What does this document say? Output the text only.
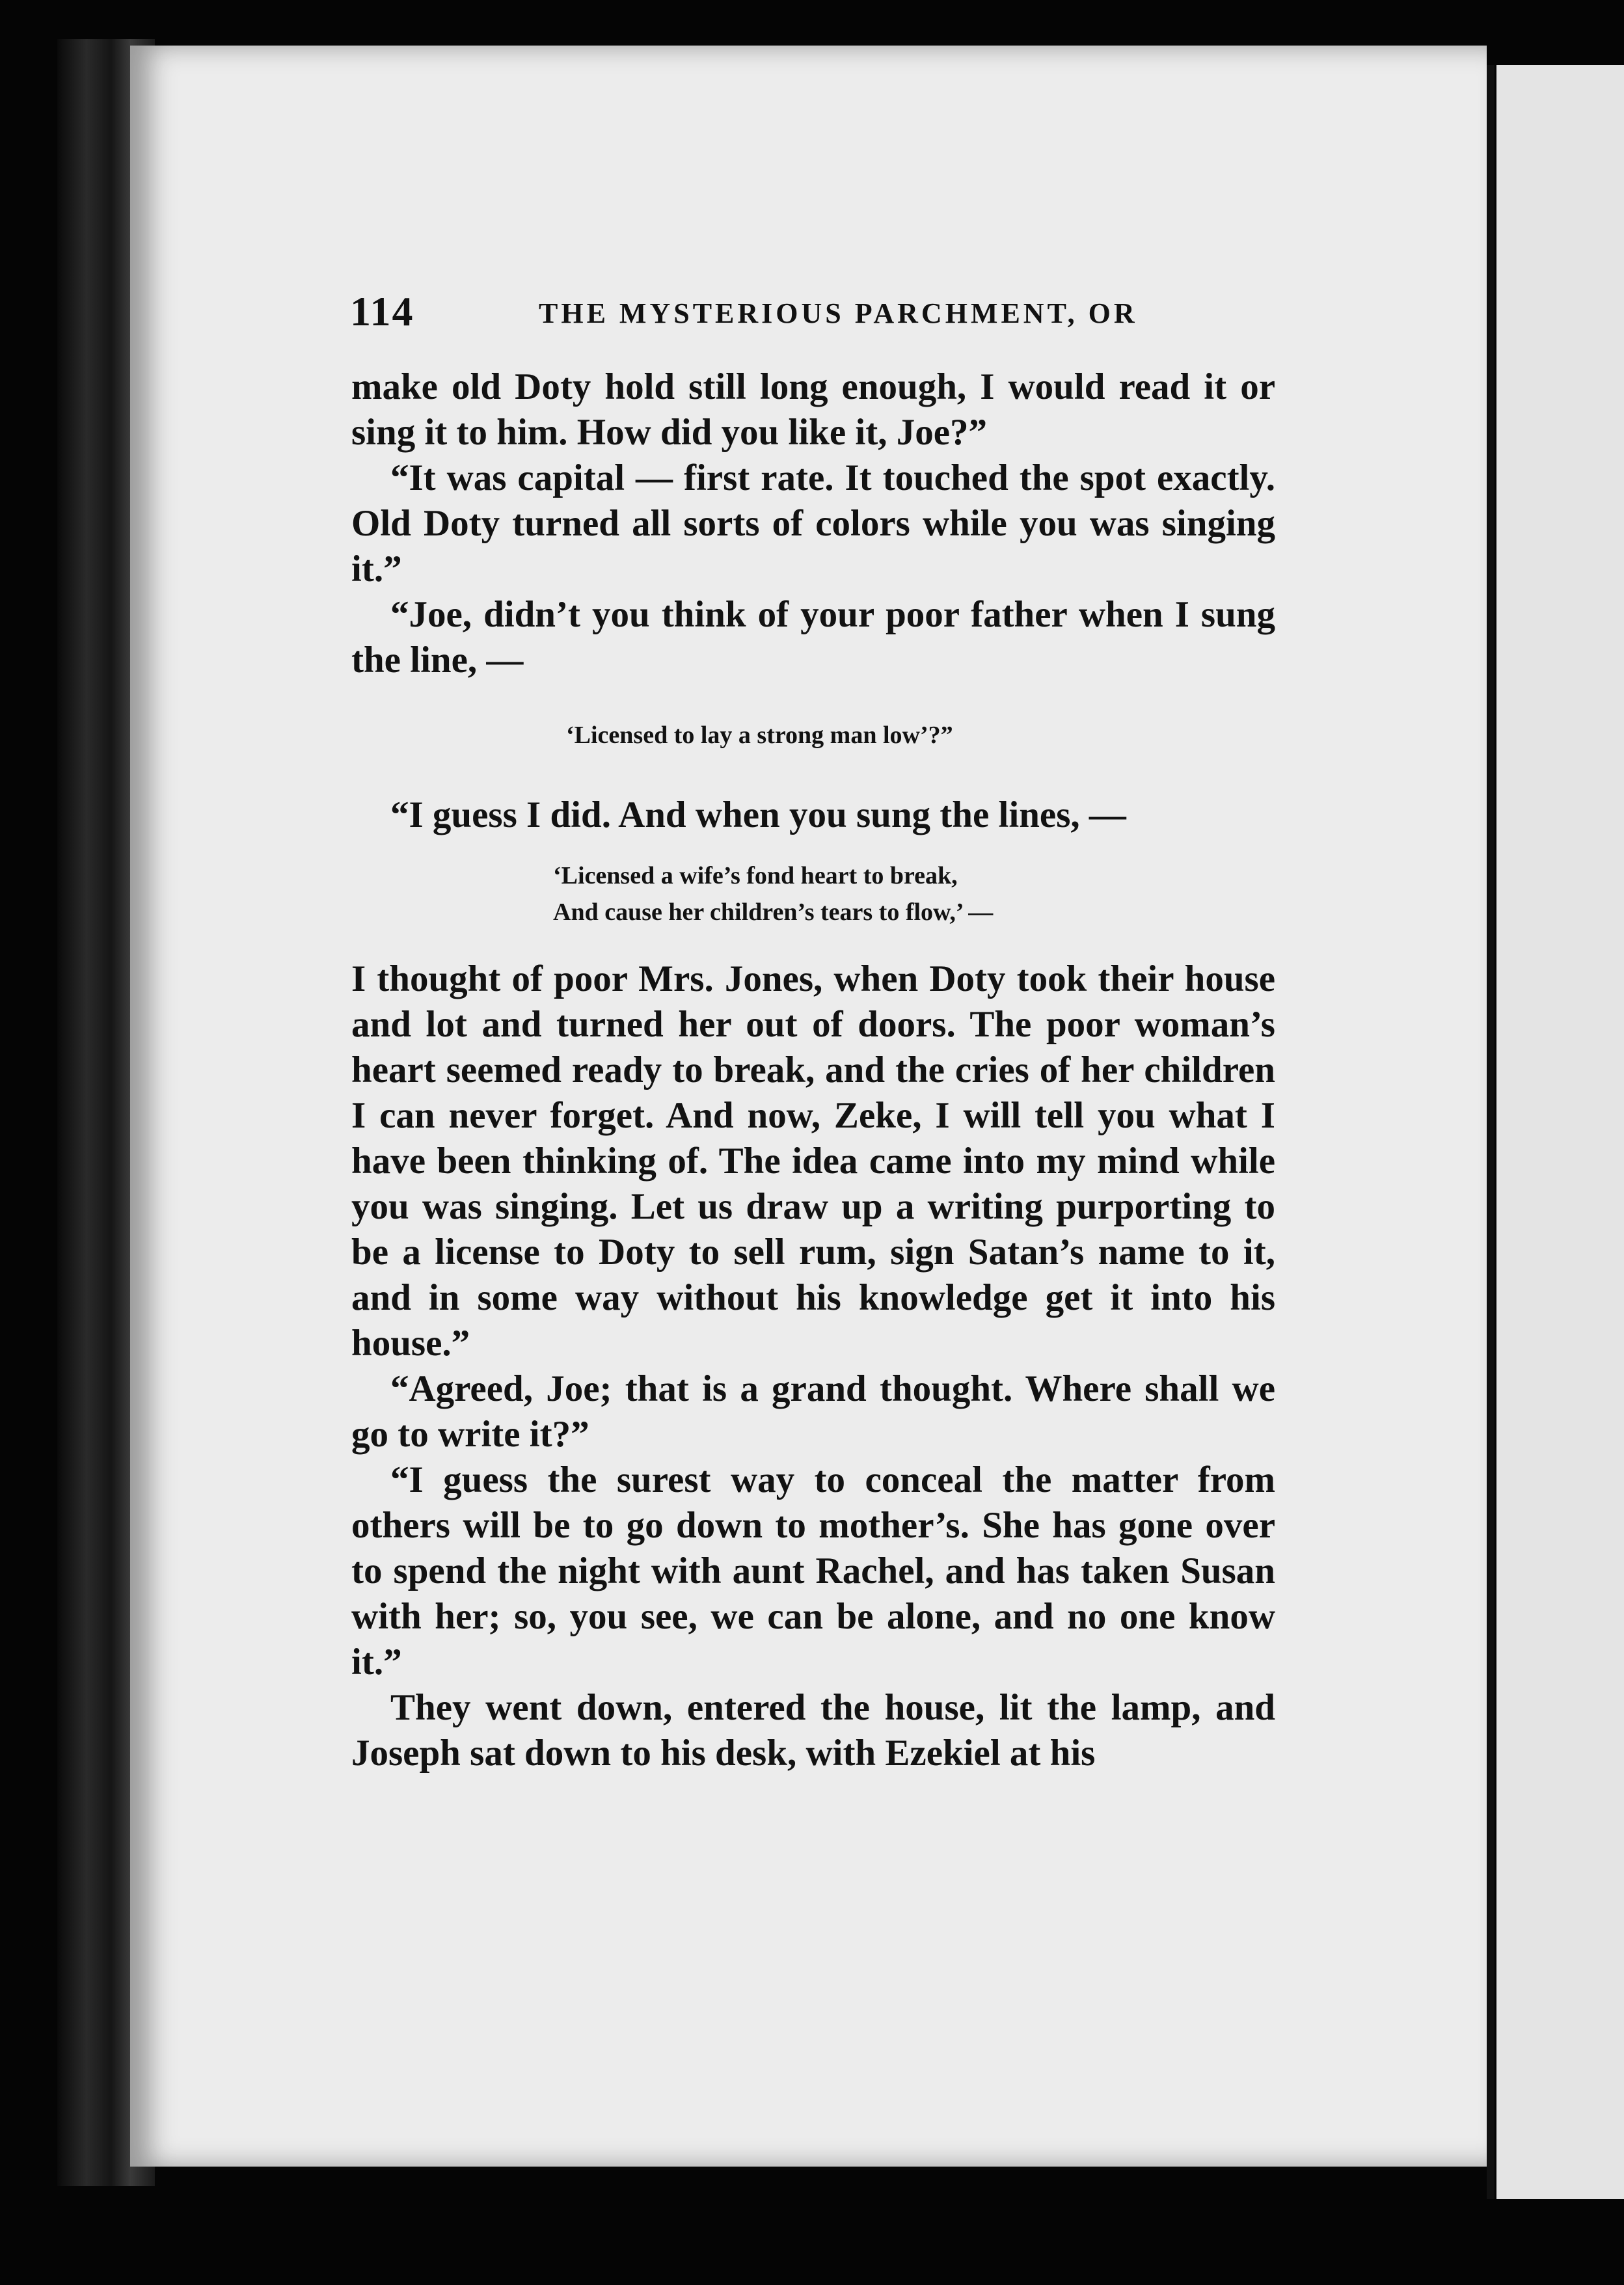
114	THE MYSTERIOUS PARCHMENT, OR

make old Doty hold still long enough, I would read it or sing it to him. How did you like it, Joe?”

“It was capital — first rate. It touched the spot exactly. Old Doty turned all sorts of colors while you was singing it.”

“Joe, didn’t you think of your poor father when I sung the line, —

‘Licensed to lay a strong man low’?”

“I guess I did. And when you sung the lines, —

‘Licensed a wife’s fond heart to break,
And cause her children’s tears to flow,’ —

I thought of poor Mrs. Jones, when Doty took their house and lot and turned her out of doors. The poor woman’s heart seemed ready to break, and the cries of her children I can never forget. And now, Zeke, I will tell you what I have been thinking of. The idea came into my mind while you was singing. Let us draw up a writing purporting to be a license to Doty to sell rum, sign Satan’s name to it, and in some way without his knowledge get it into his house.”

“Agreed, Joe; that is a grand thought. Where shall we go to write it?”

“I guess the surest way to conceal the matter from others will be to go down to mother’s. She has gone over to spend the night with aunt Rachel, and has taken Susan with her; so, you see, we can be alone, and no one know it.”

They went down, entered the house, lit the lamp, and Joseph sat down to his desk, with Ezekiel at his
